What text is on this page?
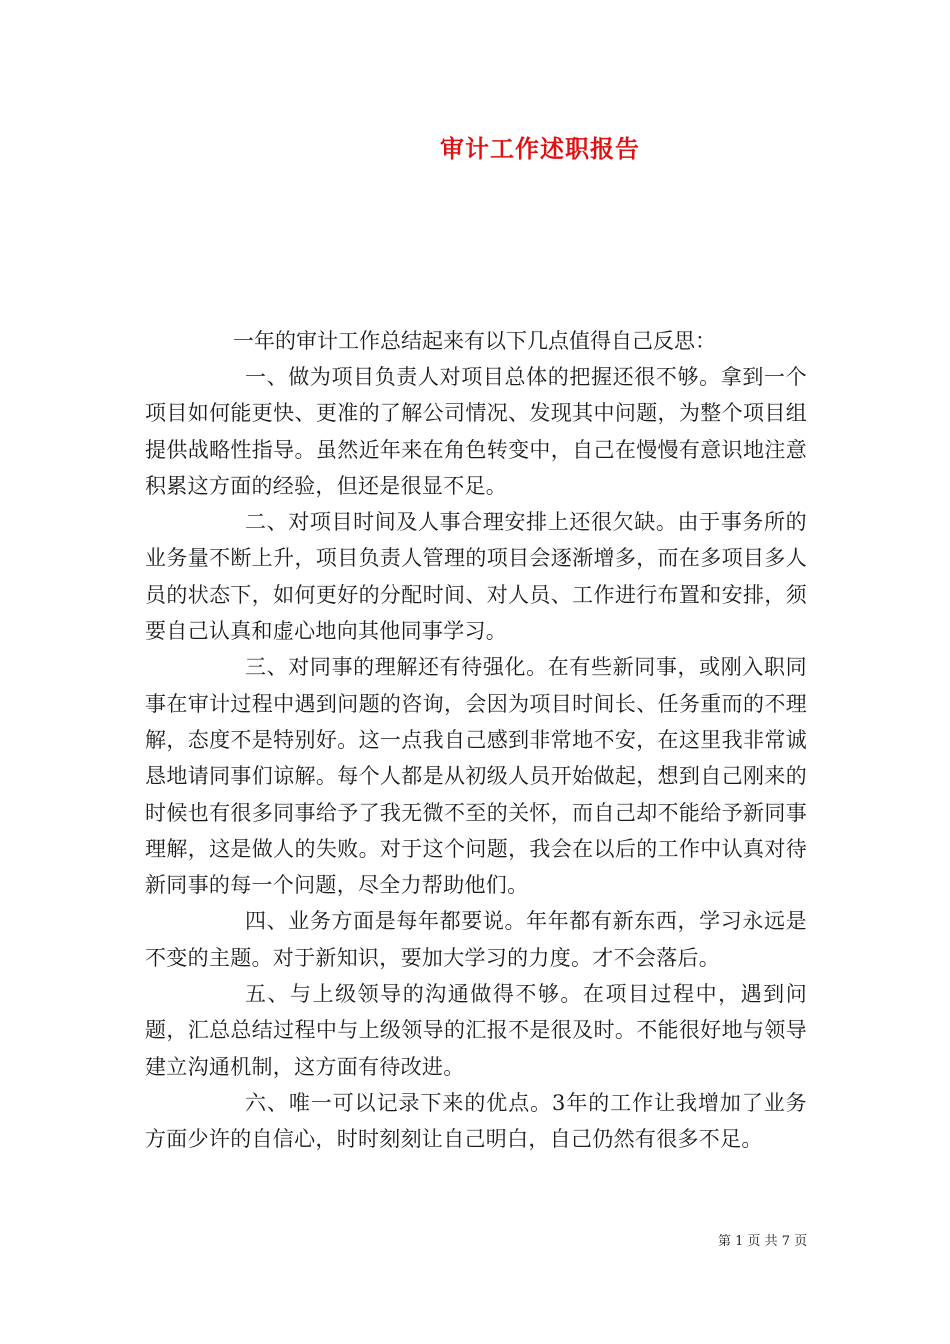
审计工作述职报告
一年的审计工作总结起来有以下几点值得自己反思：

一、做为项目负责人对项目总体的把握还很不够。拿到一个项目如何能更快、更准的了解公司情况、发现其中问题，为整个项目组提供战略性指导。虽然近年来在角色转变中，自己在慢慢有意识地注意积累这方面的经验，但还是很显不足。

二、对项目时间及人事合理安排上还很欠缺。由于事务所的业务量不断上升，项目负责人管理的项目会逐渐增多，而在多项目多人员的状态下，如何更好的分配时间、对人员、工作进行布置和安排，须要自己认真和虚心地向其他同事学习。

三、对同事的理解还有待强化。在有些新同事，或刚入职同事在审计过程中遇到问题的咨询，会因为项目时间长、任务重而的不理解，态度不是特别好。这一点我自己感到非常地不安，在这里我非常诚恳地请同事们谅解。每个人都是从初级人员开始做起，想到自己刚来的时候也有很多同事给予了我无微不至的关怀，而自己却不能给予新同事理解，这是做人的失败。对于这个问题，我会在以后的工作中认真对待新同事的每一个问题，尽全力帮助他们。

四、业务方面是每年都要说。年年都有新东西，学习永远是不变的主题。对于新知识，要加大学习的力度。才不会落后。

五、与上级领导的沟通做得不够。在项目过程中，遇到问题，汇总总结过程中与上级领导的汇报不是很及时。不能很好地与领导建立沟通机制，这方面有待改进。

六、唯一可以记录下来的优点。3年的工作让我增加了业务方面少许的自信心，时时刻刻让自己明白，自己仍然有很多不足。

第 1 页 共 7 页
